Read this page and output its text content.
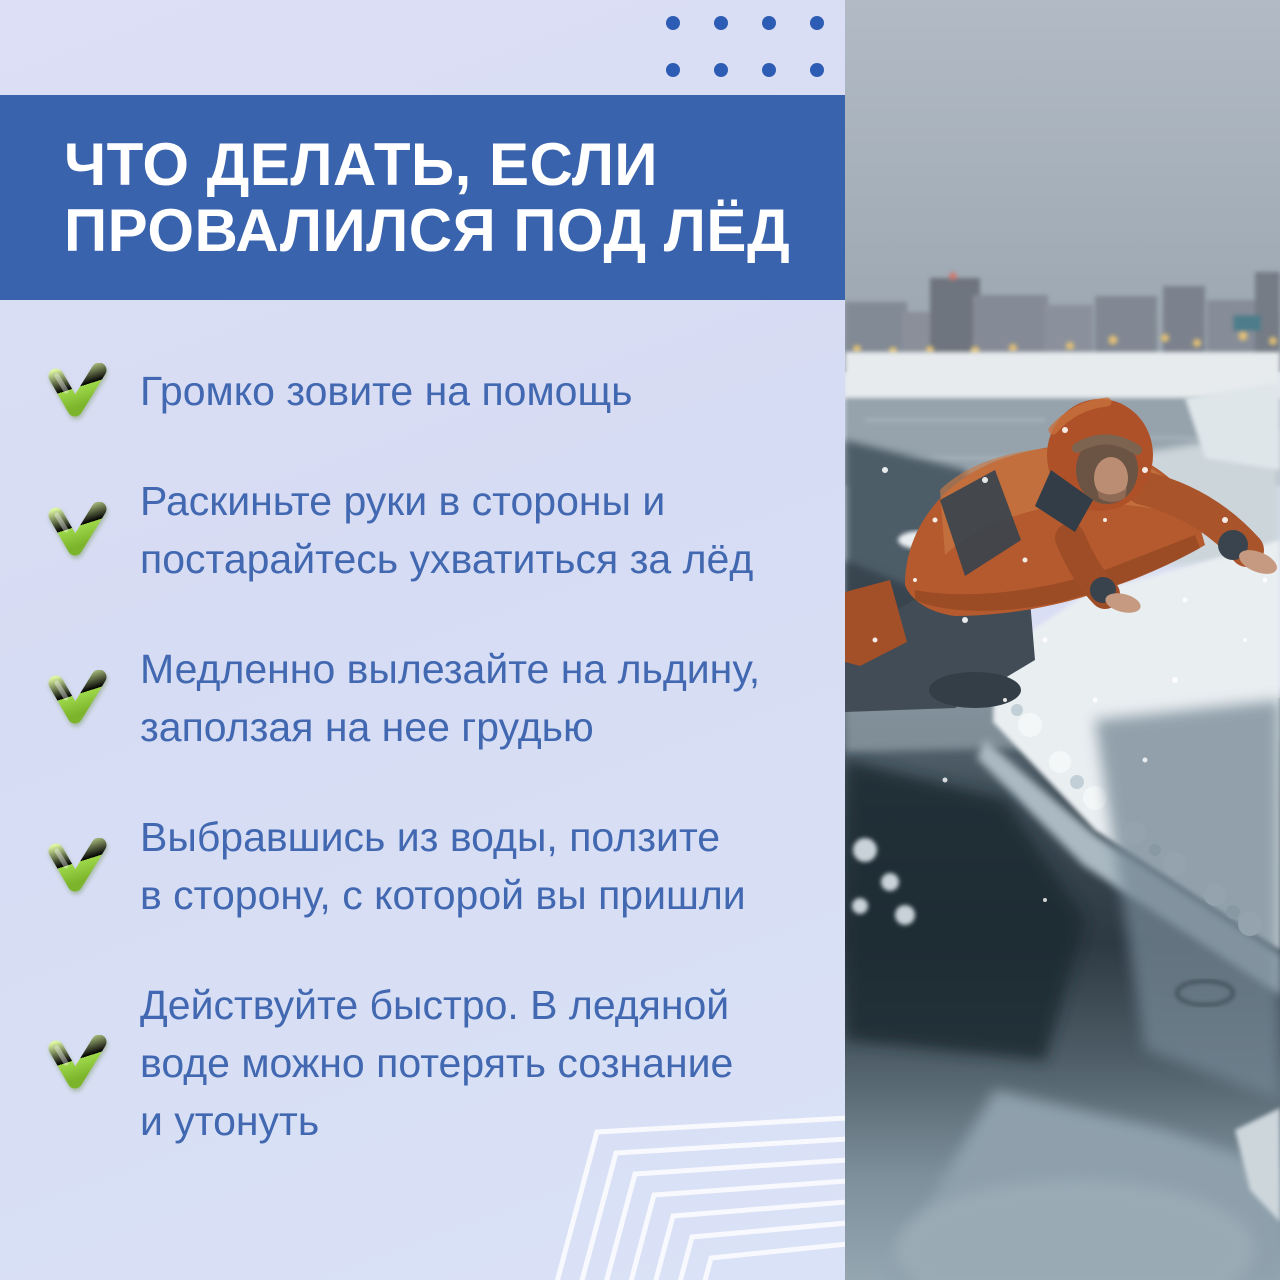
ЧТО ДЕЛАТЬ, ЕСЛИ
ПРОВАЛИЛСЯ ПОД ЛЁД
Громко зовите на помощь
Раскиньте руки в стороны и
постарайтесь ухватиться за лёд
Медленно вылезайте на льдину,
заползая на нее грудью
Выбравшись из воды, ползите
в сторону, с которой вы пришли
Действуйте быстро. В ледяной
воде можно потерять сознание
и утонуть
